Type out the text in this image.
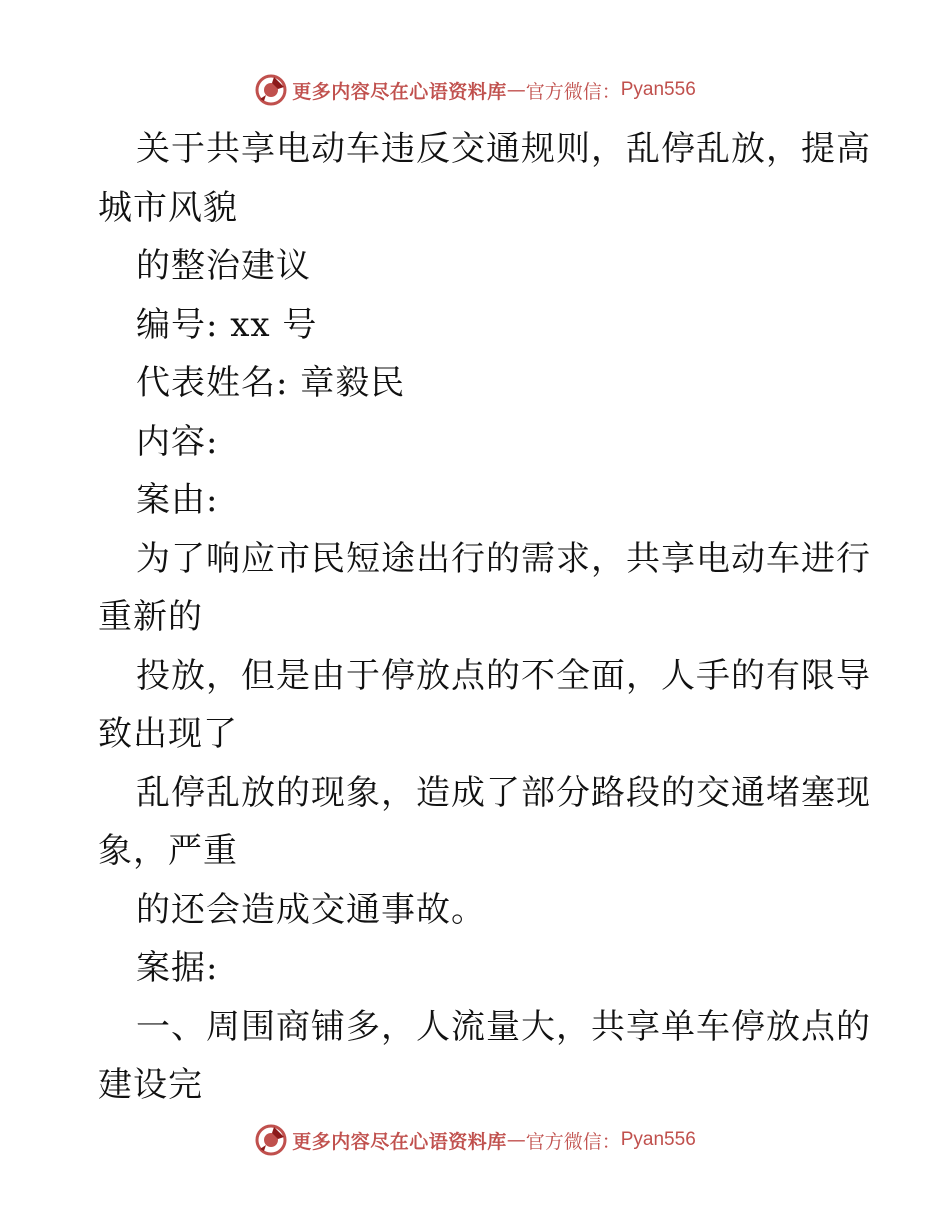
更多内容尽在心语资料库 — 官方微信： Pyan556
关于共享电动车违反交通规则，乱停乱放，提高
城市风貌
的整治建议
编号: xx 号
代表姓名: 章毅民
内容:
案由:
为了响应市民短途出行的需求，共享电动车进行
重新的
投放，但是由于停放点的不全面，人手的有限导
致出现了
乱停乱放的现象，造成了部分路段的交通堵塞现
象，严重
的还会造成交通事故。
案据:
一、周围商铺多，人流量大，共享单车停放点的
建设完
更多内容尽在心语资料库 — 官方微信： Pyan556
